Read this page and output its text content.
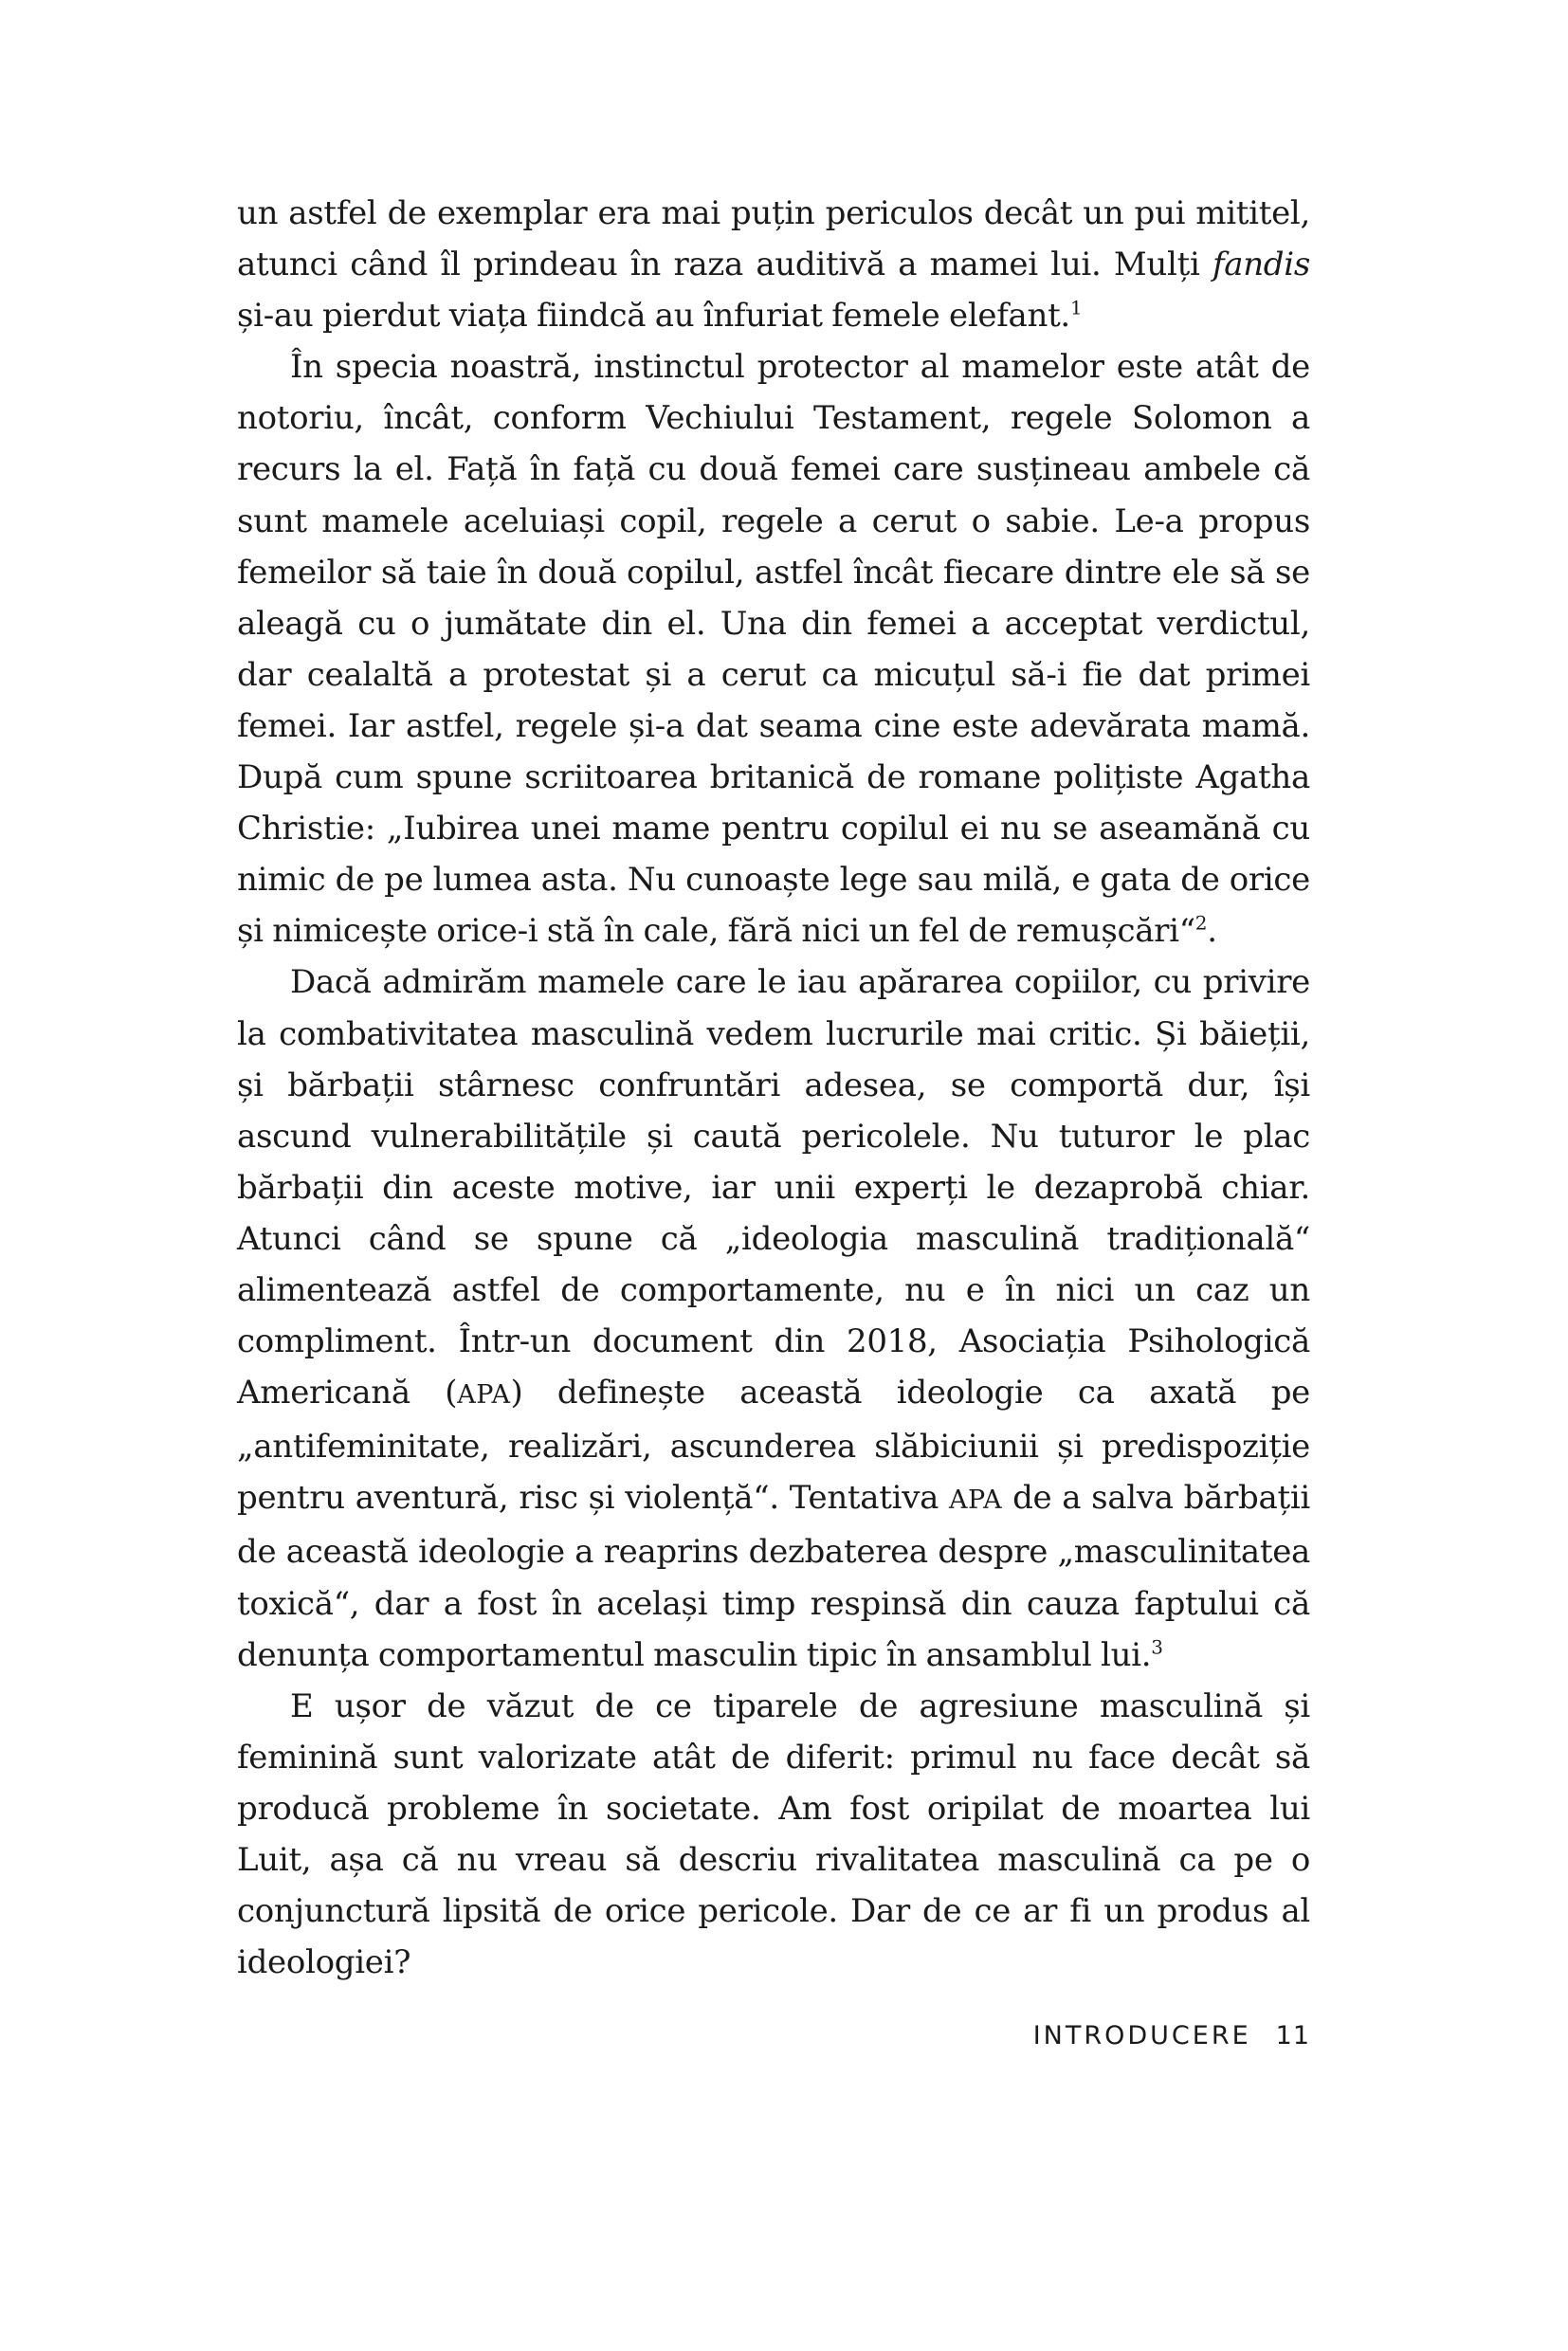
un astfel de exemplar era mai puțin periculos decât un pui mititel, atunci când îl prindeau în raza auditivă a mamei lui. Mulți fandis și-au pierdut viața fiindcă au înfuriat femele elefant.$^1$

În specia noastră, instinctul protector al mamelor este atât de notoriu, încât, conform Vechiului Testament, regele Solomon a recurs la el. Față în față cu două femei care susțineau ambele că sunt mamele aceluiași copil, regele a cerut o sabie. Le-a propus femeilor să taie în două copilul, astfel încât fiecare dintre ele să se aleagă cu o jumătate din el. Una din femei a acceptat verdictul, dar cealaltă a protestat și a cerut ca micuțul să-i fie dat primei femei. Iar astfel, regele și-a dat seama cine este adevărata mamă. După cum spune scriitoarea britanică de romane polițiste Agatha Christie: „Iubirea unei mame pentru copilul ei nu se aseamănă cu nimic de pe lumea asta. Nu cunoaște lege sau milă, e gata de orice și nimicește orice-i stă în cale, fără nici un fel de remușcări“$^2$.

Dacă admirăm mamele care le iau apărarea copiilor, cu privire la combativitatea masculină vedem lucrurile mai critic. Și băieții, și bărbații stârnesc confruntări adesea, se comportă dur, își ascund vulnerabilitățile și caută pericolele. Nu tuturor le plac bărbații din aceste motive, iar unii experți le dezaprobă chiar. Atunci când se spune că „ideologia masculină tradițională“ alimentează astfel de comportamente, nu e în nici un caz un compliment. Într-un document din 2018, Asociația Psihologică Americană (APA) definește această ideologie ca axată pe „antifeminitate, realizări, ascunderea slăbiciunii și predispoziție pentru aventură, risc și violență“. Tentativa APA de a salva bărbații de această ideologie a reaprins dezbaterea despre „masculinitatea toxică“, dar a fost în același timp respinsă din cauza faptului că denunța comportamentul masculin tipic în ansamblul lui.$^3$

E ușor de văzut de ce tiparele de agresiune masculină și feminină sunt valorizate atât de diferit: primul nu face decât să producă probleme în societate. Am fost oripilat de moartea lui Luit, așa că nu vreau să descriu rivalitatea masculină ca pe o conjunctură lipsită de orice pericole. Dar de ce ar fi un produs al ideologiei?

INTRODUCERE 11
